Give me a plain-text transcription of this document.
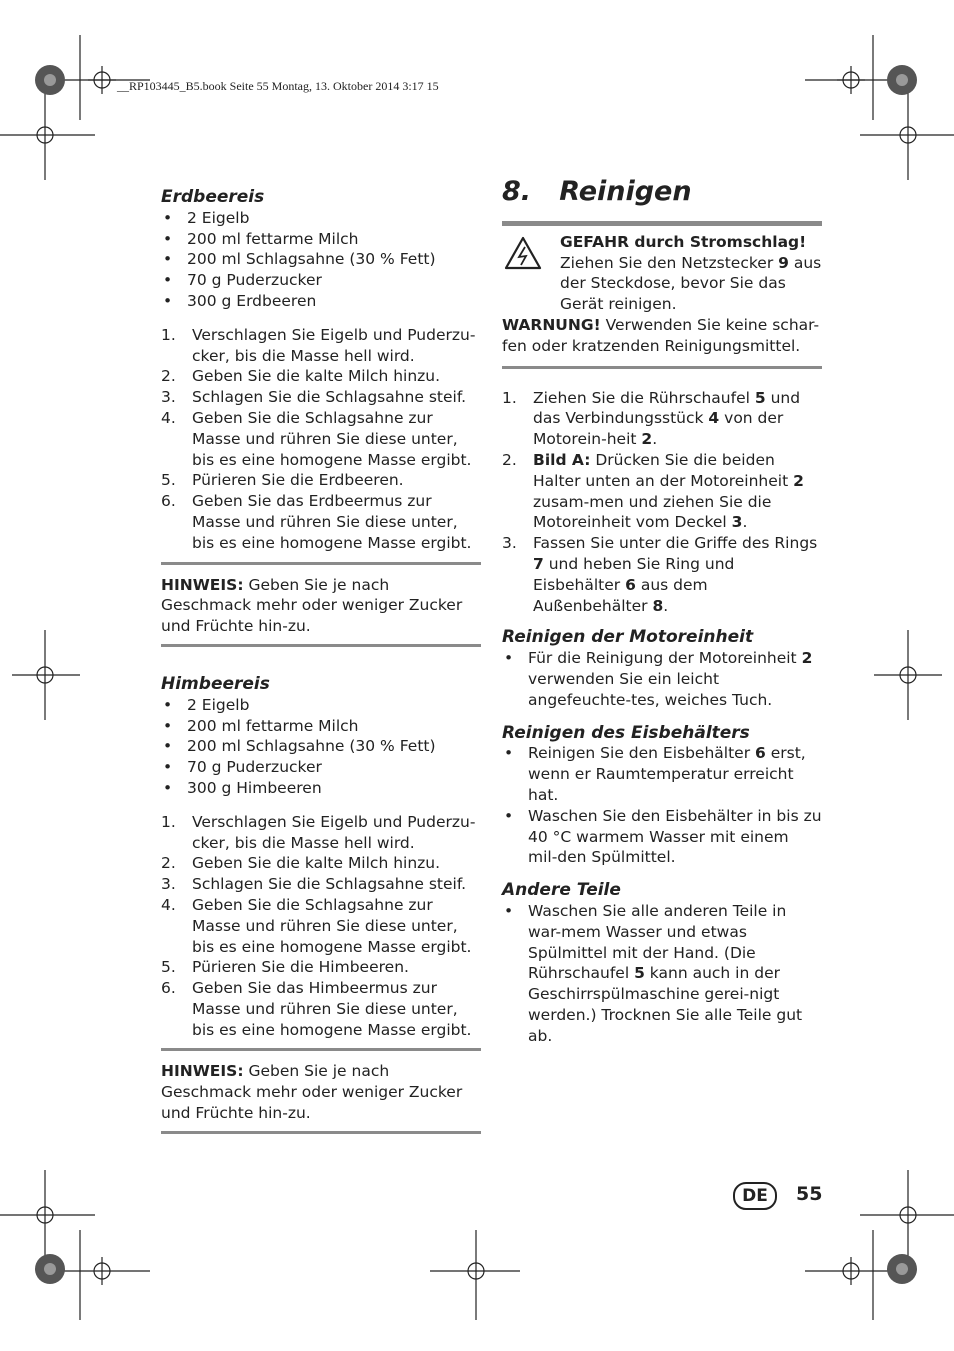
__RP103445_B5.book Seite 55 Montag, 13. Oktober 2014 3:17 15

Erdbeereis

• 2 Eigelb

• 200 ml fettarme Milch

• 200 ml Schlagsahne (30 % Fett)

• 70 g Puderzucker

• 300 g Erdbeeren

1. Verschlagen Sie Eigelb und Puderzu-cker, bis die Masse hell wird.

2. Geben Sie die kalte Milch hinzu.

3. Schlagen Sie die Schlagsahne steif.

4. Geben Sie die Schlagsahne zur Masse und rühren Sie diese unter, bis es eine homogene Masse ergibt.

5. Pürieren Sie die Erdbeeren.

6. Geben Sie das Erdbeermus zur Masse und rühren Sie diese unter, bis es eine homogene Masse ergibt.

HINWEIS: Geben Sie je nach Geschmack mehr oder weniger Zucker und Früchte hin-zu.

Himbeereis

• 2 Eigelb

• 200 ml fettarme Milch

• 200 ml Schlagsahne (30 % Fett)

• 70 g Puderzucker

• 300 g Himbeeren

1. Verschlagen Sie Eigelb und Puderzu-cker, bis die Masse hell wird.

2. Geben Sie die kalte Milch hinzu.

3. Schlagen Sie die Schlagsahne steif.

4. Geben Sie die Schlagsahne zur Masse und rühren Sie diese unter, bis es eine homogene Masse ergibt.

5. Pürieren Sie die Himbeeren.

6. Geben Sie das Himbeermus zur Masse und rühren Sie diese unter, bis es eine homogene Masse ergibt.

HINWEIS: Geben Sie je nach Geschmack mehr oder weniger Zucker und Früchte hin-zu.

8.   Reinigen

GEFAHR durch Stromschlag!
Ziehen Sie den Netzstecker 9 aus der Steckdose, bevor Sie das Gerät reinigen.

WARNUNG! Verwenden Sie keine schar-fen oder kratzenden Reinigungsmittel.

1. Ziehen Sie die Rührschaufel 5 und das Verbindungsstück 4 von der Motorein-heit 2.

2. Bild A: Drücken Sie die beiden Halter unten an der Motoreinheit 2 zusam-men und ziehen Sie die Motoreinheit vom Deckel 3.

3. Fassen Sie unter die Griffe des Rings 7 und heben Sie Ring und Eisbehälter 6 aus dem Außenbehälter 8.

Reinigen der Motoreinheit

• Für die Reinigung der Motoreinheit 2 verwenden Sie ein leicht angefeuchte-tes, weiches Tuch.

Reinigen des Eisbehälters

• Reinigen Sie den Eisbehälter 6 erst, wenn er Raumtemperatur erreicht hat.

• Waschen Sie den Eisbehälter in bis zu 40 °C warmem Wasser mit einem mil-den Spülmittel.

Andere Teile

• Waschen Sie alle anderen Teile in war-mem Wasser und etwas Spülmittel mit der Hand. (Die Rührschaufel 5 kann auch in der Geschirrspülmaschine gerei-nigt werden.) Trocknen Sie alle Teile gut ab.

DE	55
